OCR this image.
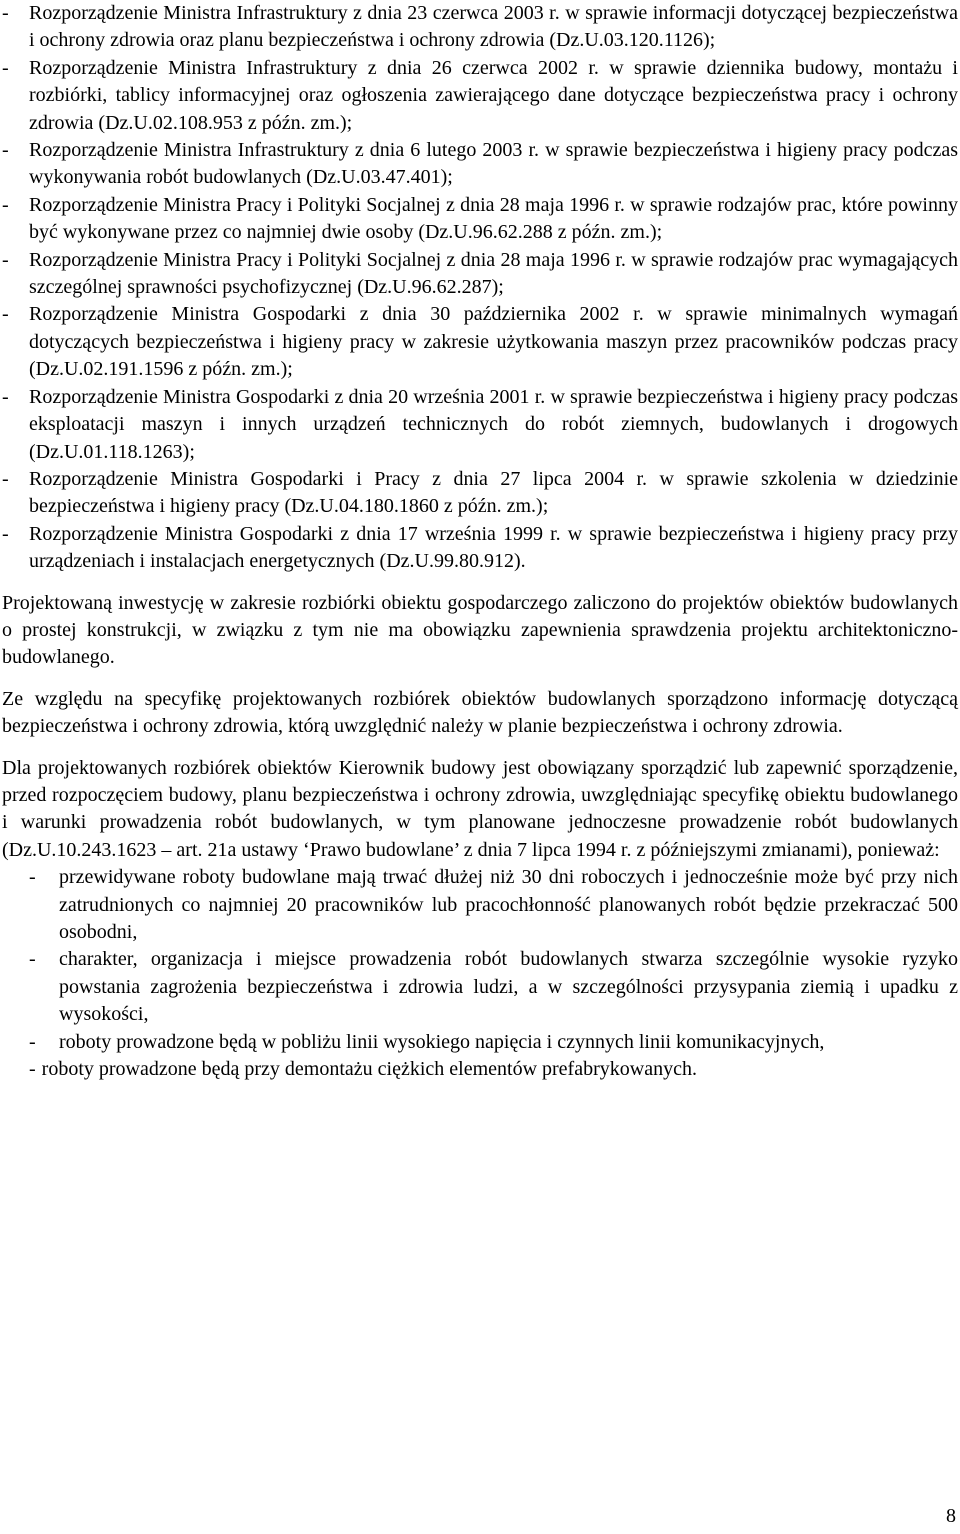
- Rozporządzenie Ministra Infrastruktury z dnia 23 czerwca 2003 r. w sprawie informacji dotyczącej bezpieczeństwa i ochrony zdrowia oraz planu bezpieczeństwa i ochrony zdrowia (Dz.U.03.120.1126);
- Rozporządzenie Ministra Infrastruktury z dnia 26 czerwca 2002 r. w sprawie dziennika budowy, montażu i rozbiórki, tablicy informacyjnej oraz ogłoszenia zawierającego dane dotyczące bezpieczeństwa pracy i ochrony zdrowia (Dz.U.02.108.953 z późn. zm.);
- Rozporządzenie Ministra Infrastruktury z dnia 6 lutego 2003 r. w sprawie bezpieczeństwa i higieny pracy podczas wykonywania robót budowlanych (Dz.U.03.47.401);
- Rozporządzenie Ministra Pracy i Polityki Socjalnej z dnia 28 maja 1996 r. w sprawie rodzajów prac, które powinny być wykonywane przez co najmniej dwie osoby (Dz.U.96.62.288 z późn. zm.);
- Rozporządzenie Ministra Pracy i Polityki Socjalnej z dnia 28 maja 1996 r. w sprawie rodzajów prac wymagających szczególnej sprawności psychofizycznej (Dz.U.96.62.287);
- Rozporządzenie Ministra Gospodarki z dnia 30 października 2002 r. w sprawie minimalnych wymagań dotyczących bezpieczeństwa i higieny pracy w zakresie użytkowania maszyn przez pracowników podczas pracy (Dz.U.02.191.1596 z późn. zm.);
- Rozporządzenie Ministra Gospodarki z dnia 20 września 2001 r. w sprawie bezpieczeństwa i higieny pracy podczas eksploatacji maszyn i innych urządzeń technicznych do robót ziemnych, budowlanych i drogowych (Dz.U.01.118.1263);
- Rozporządzenie Ministra Gospodarki i Pracy z dnia 27 lipca 2004 r. w sprawie szkolenia w dziedzinie bezpieczeństwa i higieny pracy (Dz.U.04.180.1860 z późn. zm.);
- Rozporządzenie Ministra Gospodarki z dnia 17 września 1999 r. w sprawie bezpieczeństwa i higieny pracy przy urządzeniach i instalacjach energetycznych (Dz.U.99.80.912).

Projektowaną inwestycję w zakresie rozbiórki obiektu gospodarczego zaliczono do projektów obiektów budowlanych o prostej konstrukcji, w związku z tym nie ma obowiązku zapewnienia sprawdzenia projektu architektoniczno-budowlanego.

Ze względu na specyfikę projektowanych rozbiórek obiektów budowlanych sporządzono informację dotyczącą bezpieczeństwa i ochrony zdrowia, którą uwzględnić należy w planie bezpieczeństwa i ochrony zdrowia.

Dla projektowanych rozbiórek obiektów Kierownik budowy jest obowiązany sporządzić lub zapewnić sporządzenie, przed rozpoczęciem budowy, planu bezpieczeństwa i ochrony zdrowia, uwzględniając specyfikę obiektu budowlanego i warunki prowadzenia robót budowlanych, w tym planowane jednoczesne prowadzenie robót budowlanych (Dz.U.10.243.1623 – art. 21a ustawy ‘Prawo budowlane’ z dnia 7 lipca 1994 r. z późniejszymi zmianami), ponieważ:

- przewidywane roboty budowlane mają trwać dłużej niż 30 dni roboczych i jednocześnie może być przy nich zatrudnionych co najmniej 20 pracowników lub pracochłonność planowanych robót będzie przekraczać 500 osobodni,
- charakter, organizacja i miejsce prowadzenia robót budowlanych stwarza szczególnie wysokie ryzyko powstania zagrożenia bezpieczeństwa i zdrowia ludzi, a w szczególności przysypania ziemią i upadku z wysokości,
- roboty prowadzone będą w pobliżu linii wysokiego napięcia i czynnych linii komunikacyjnych,
- roboty prowadzone będą przy demontażu ciężkich elementów prefabrykowanych.
8
